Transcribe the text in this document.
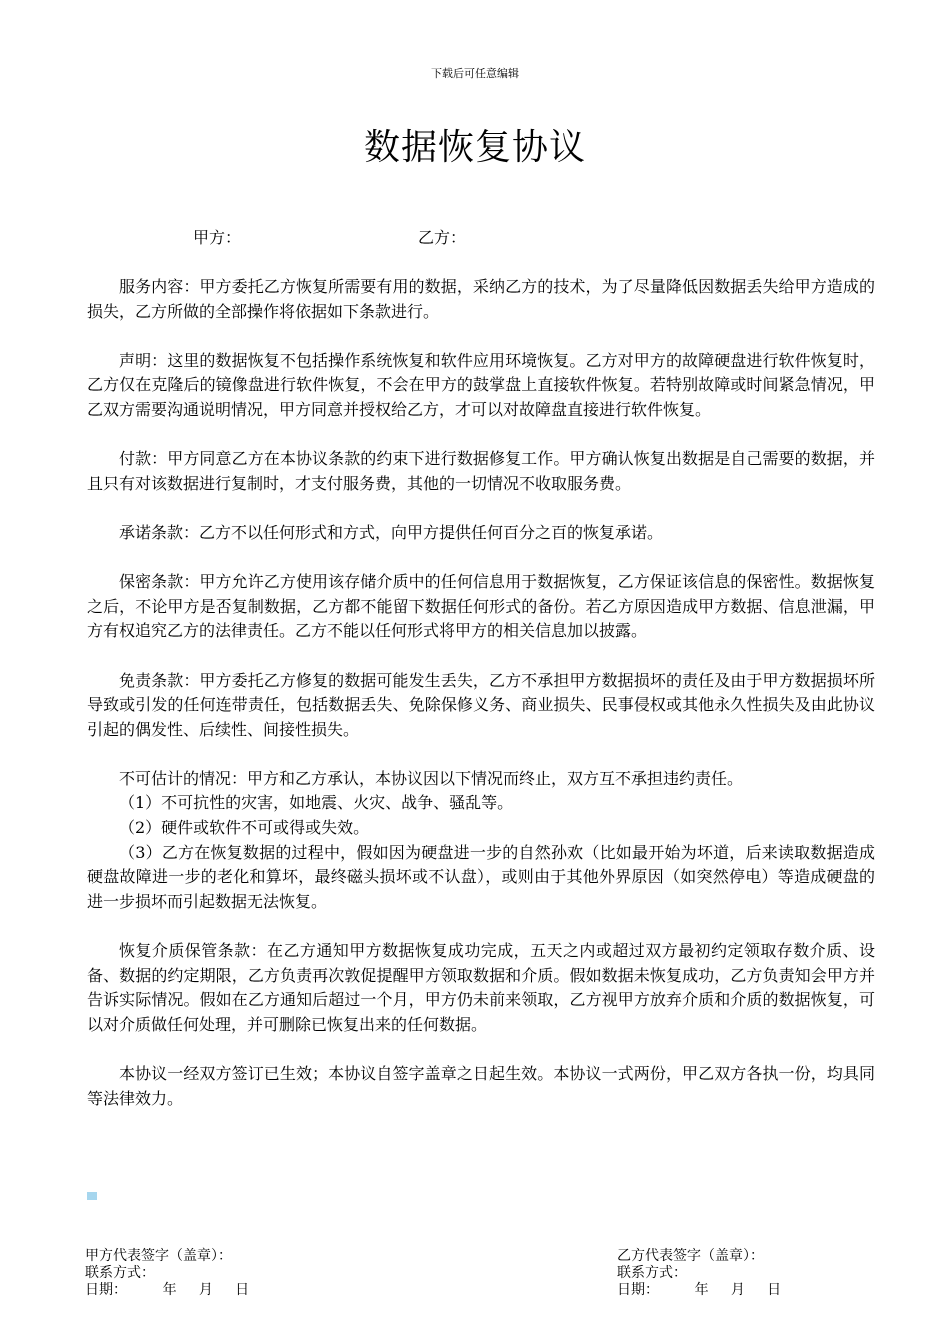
下载后可任意编辑
数据恢复协议
甲方：	乙方：

服务内容：甲方委托乙方恢复所需要有用的数据，采纳乙方的技术，为了尽量降低因数据丢失给甲方造成的损失，乙方所做的全部操作将依据如下条款进行。

声明：这里的数据恢复不包括操作系统恢复和软件应用环境恢复。乙方对甲方的故障硬盘进行软件恢复时，乙方仅在克隆后的镜像盘进行软件恢复，不会在甲方的鼓掌盘上直接软件恢复。若特别故障或时间紧急情况，甲乙双方需要沟通说明情况，甲方同意并授权给乙方，才可以对故障盘直接进行软件恢复。

付款：甲方同意乙方在本协议条款的约束下进行数据修复工作。甲方确认恢复出数据是自己需要的数据，并且只有对该数据进行复制时，才支付服务费，其他的一切情况不收取服务费。

承诺条款：乙方不以任何形式和方式，向甲方提供任何百分之百的恢复承诺。

保密条款：甲方允许乙方使用该存储介质中的任何信息用于数据恢复，乙方保证该信息的保密性。数据恢复之后，不论甲方是否复制数据，乙方都不能留下数据任何形式的备份。若乙方原因造成甲方数据、信息泄漏，甲方有权追究乙方的法律责任。乙方不能以任何形式将甲方的相关信息加以披露。

免责条款：甲方委托乙方修复的数据可能发生丢失，乙方不承担甲方数据损坏的责任及由于甲方数据损坏所导致或引发的任何连带责任，包括数据丢失、免除保修义务、商业损失、民事侵权或其他永久性损失及由此协议引起的偶发性、后续性、间接性损失。

不可估计的情况：甲方和乙方承认，本协议因以下情况而终止，双方互不承担违约责任。

（1）不可抗性的灾害，如地震、火灾、战争、骚乱等。

（2）硬件或软件不可或得或失效。

（3）乙方在恢复数据的过程中，假如因为硬盘进一步的自然孙欢（比如最开始为坏道，后来读取数据造成硬盘故障进一步的老化和算坏，最终磁头损坏或不认盘），或则由于其他外界原因（如突然停电）等造成硬盘的进一步损坏而引起数据无法恢复。

恢复介质保管条款：在乙方通知甲方数据恢复成功完成，五天之内或超过双方最初约定领取存数介质、设备、数据的约定期限，乙方负责再次敦促提醒甲方领取数据和介质。假如数据未恢复成功，乙方负责知会甲方并告诉实际情况。假如在乙方通知后超过一个月，甲方仍未前来领取，乙方视甲方放弃介质和介质的数据恢复，可以对介质做任何处理，并可删除已恢复出来的任何数据。

本协议一经双方签订已生效；本协议自签字盖章之日起生效。本协议一式两份，甲乙双方各执一份，均具同等法律效力。

甲方代表签字（盖章）：

联系方式：

日期：        年     月     日

乙方代表签字（盖章）：

联系方式：

日期：        年     月     日
